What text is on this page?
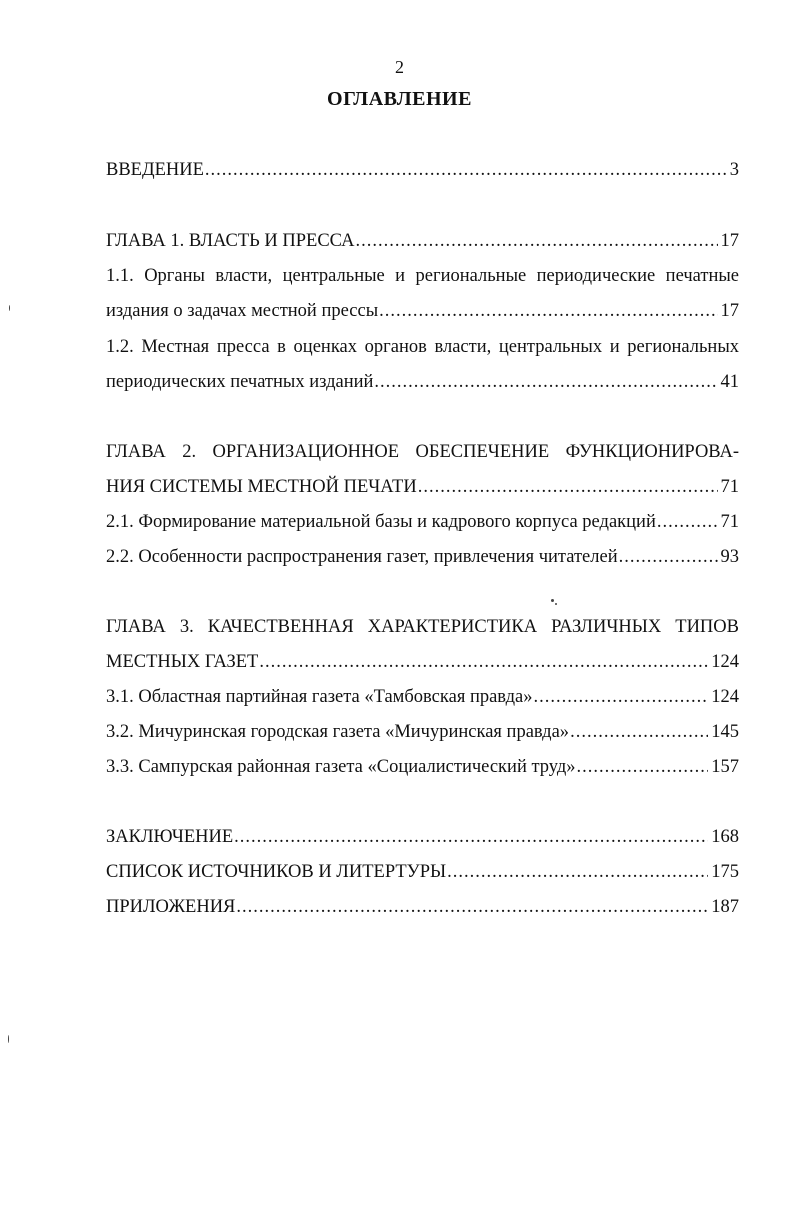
2
ОГЛАВЛЕНИЕ
ВВЕДЕНИЕ .....	3
ГЛАВА 1. ВЛАСТЬ И ПРЕССА .....	17
1.1. Органы власти, центральные и региональные периодические печатные
издания о задачах местной прессы .....	17
1.2. Местная пресса в оценках органов власти, центральных и региональных
периодических печатных изданий .....	41
ГЛАВА 2. ОРГАНИЗАЦИОННОЕ ОБЕСПЕЧЕНИЕ ФУНКЦИОНИРОВА-
НИЯ СИСТЕМЫ МЕСТНОЙ ПЕЧАТИ .....	71
2.1. Формирование материальной базы и кадрового корпуса редакций .....	71
2.2. Особенности распространения газет, привлечения читателей .....	93
ГЛАВА 3. КАЧЕСТВЕННАЯ ХАРАКТЕРИСТИКА РАЗЛИЧНЫХ ТИПОВ
МЕСТНЫХ ГАЗЕТ .....	124
3.1. Областная партийная газета «Тамбовская правда» .....	124
3.2. Мичуринская городская газета «Мичуринская правда» .....	145
3.3. Сампурская районная газета «Социалистический труд» .....	157
ЗАКЛЮЧЕНИЕ .....	168
СПИСОК ИСТОЧНИКОВ И ЛИТЕРТУРЫ .....	175
ПРИЛОЖЕНИЯ .....	187
